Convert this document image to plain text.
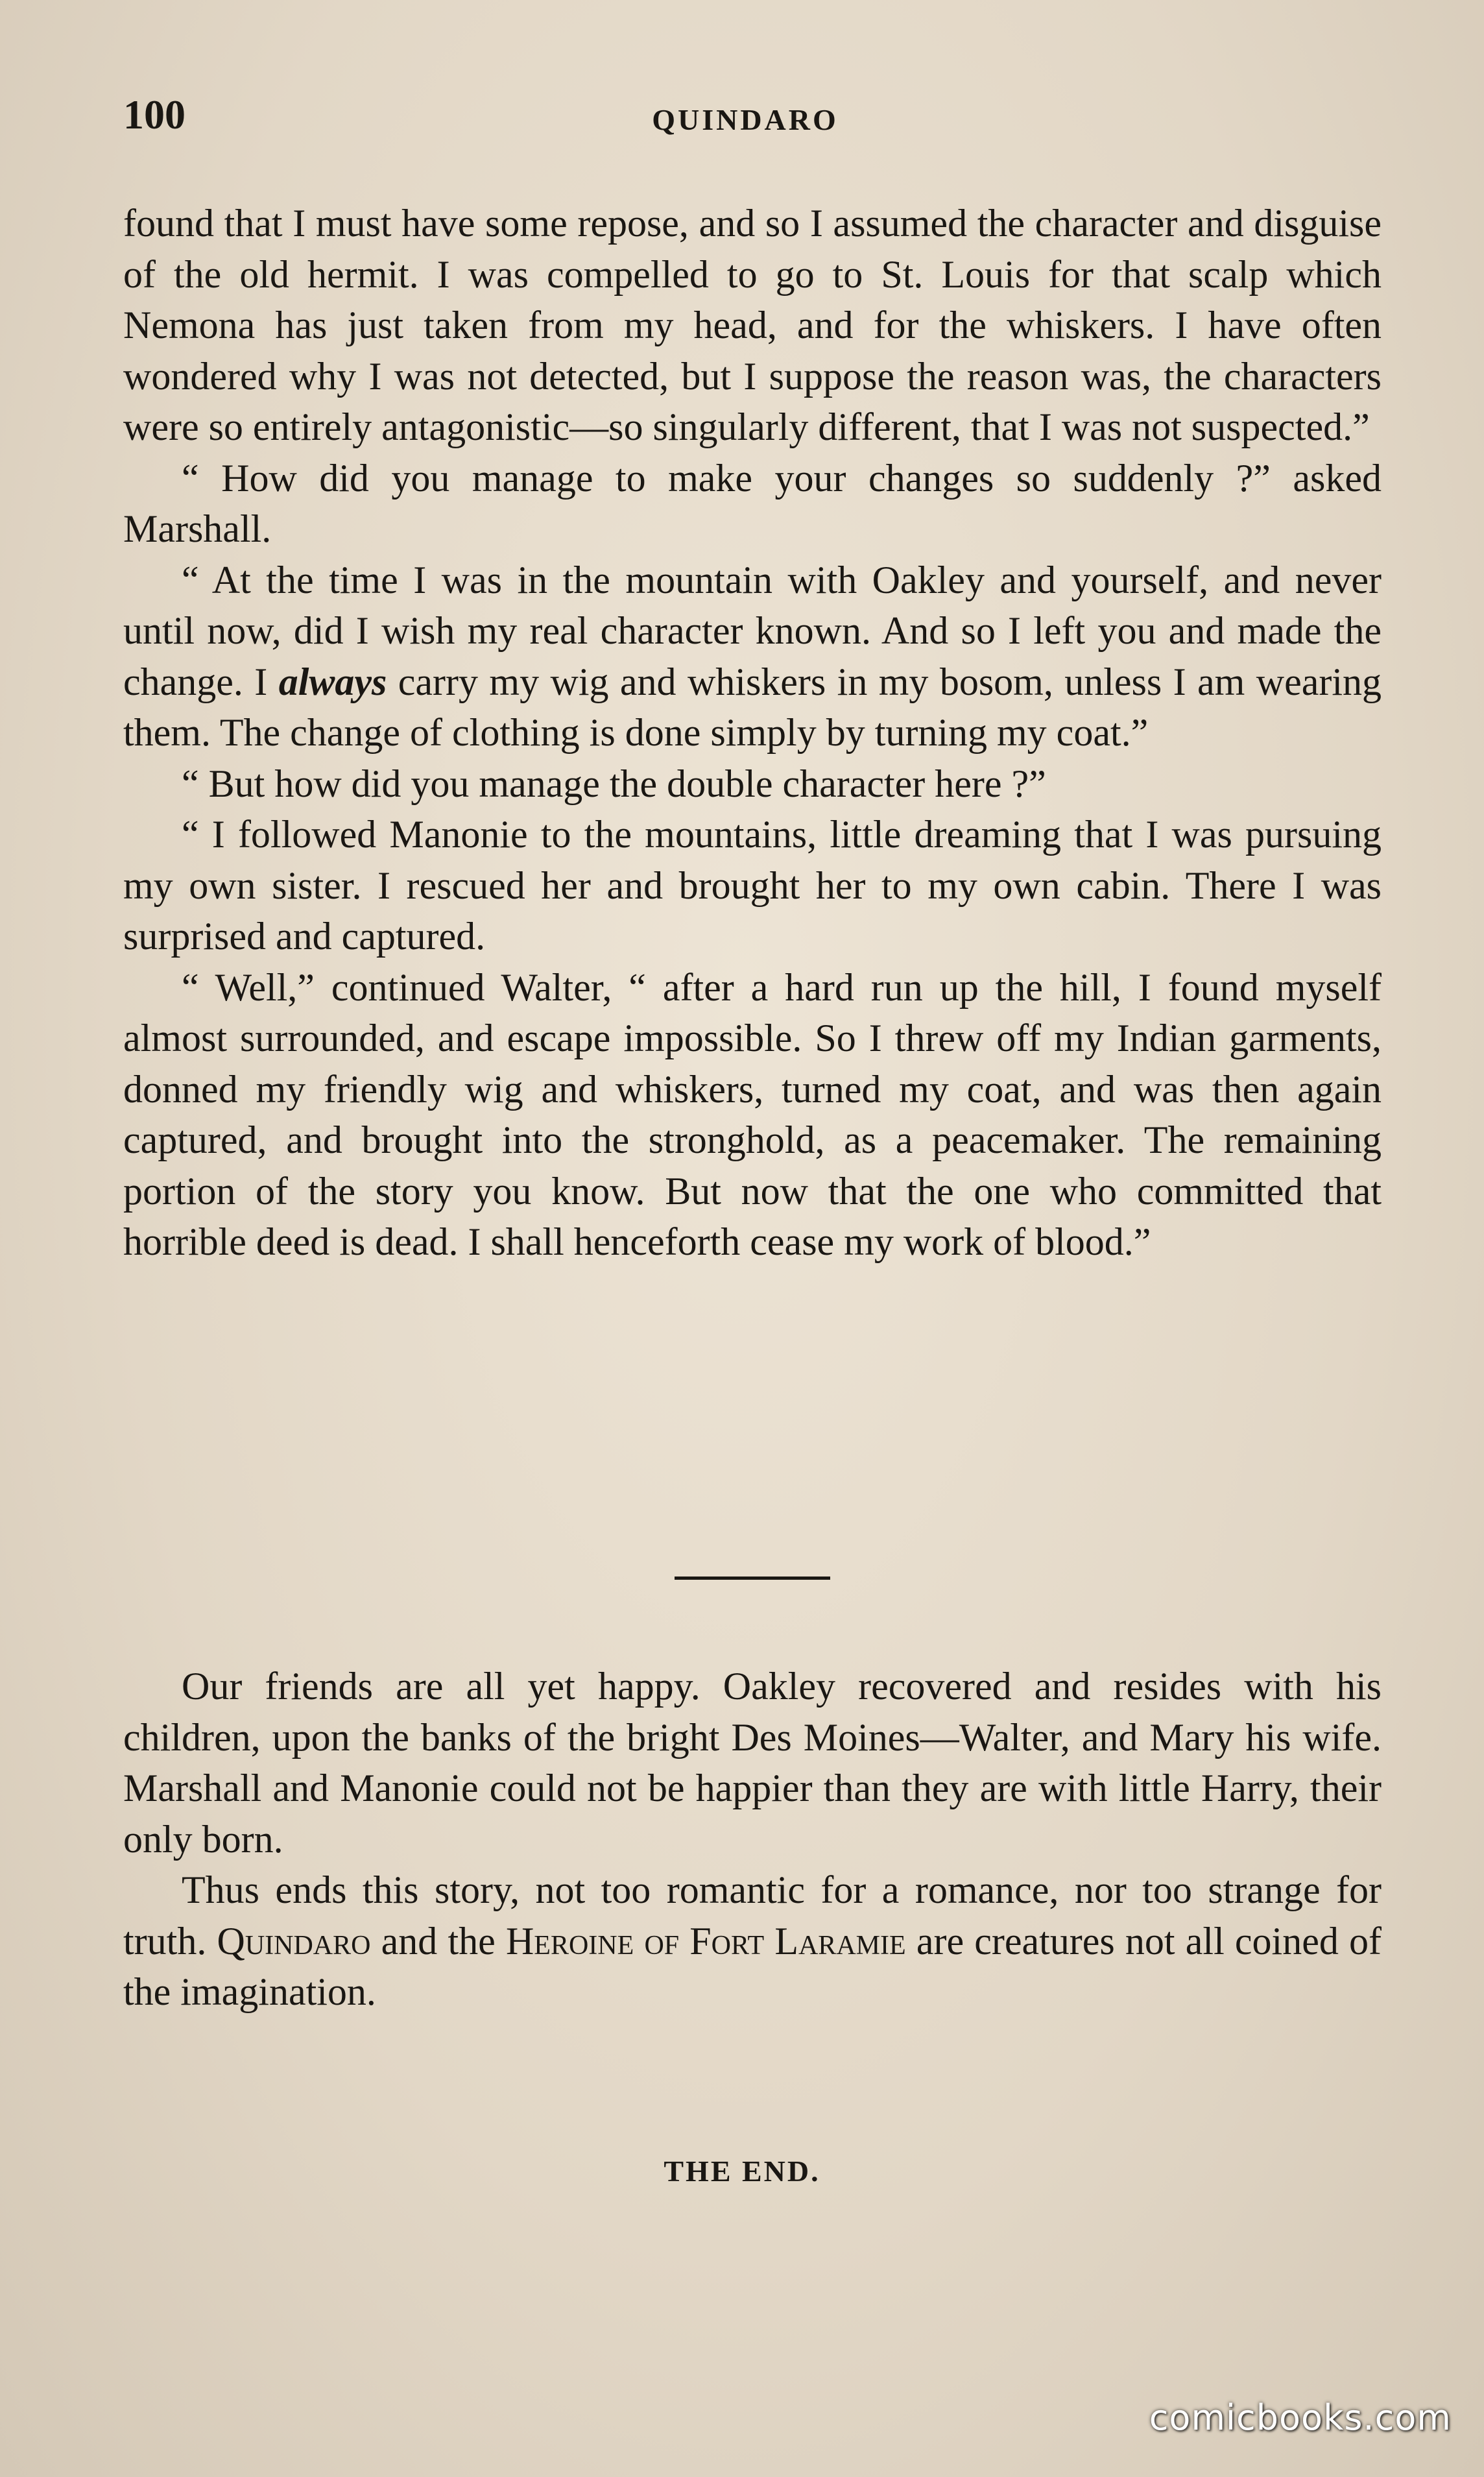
100	QUINDARO

found that I must have some repose, and so I assumed the character and disguise of the old hermit. I was compelled to go to St. Louis for that scalp which Nemona has just taken from my head, and for the whiskers. I have often wondered why I was not detected, but I suppose the reason was, the characters were so entirely antagonistic—so singularly different, that I was not suspected.”

“ How did you manage to make your changes so suddenly ?” asked Marshall.

“ At the time I was in the mountain with Oakley and yourself, and never until now, did I wish my real character known. And so I left you and made the change. I always carry my wig and whiskers in my bosom, unless I am wearing them. The change of clothing is done simply by turning my coat.”

“ But how did you manage the double character here ?”

“ I followed Manonie to the mountains, little dreaming that I was pursuing my own sister. I rescued her and brought her to my own cabin. There I was surprised and captured.

“ Well,” continued Walter, “ after a hard run up the hill, I found myself almost surrounded, and escape impossible. So I threw off my Indian garments, donned my friendly wig and whiskers, turned my coat, and was then again captured, and brought into the stronghold, as a peacemaker. The remaining portion of the story you know. But now that the one who committed that horrible deed is dead. I shall henceforth cease my work of blood.”

Our friends are all yet happy. Oakley recovered and resides with his children, upon the banks of the bright Des Moines—Walter, and Mary his wife. Marshall and Manonie could not be happier than they are with little Harry, their only born.

Thus ends this story, not too romantic for a romance, nor too strange for truth. Quindaro and the Heroine of Fort Laramie are creatures not all coined of the imagination.

THE END.
comicbooks.com
